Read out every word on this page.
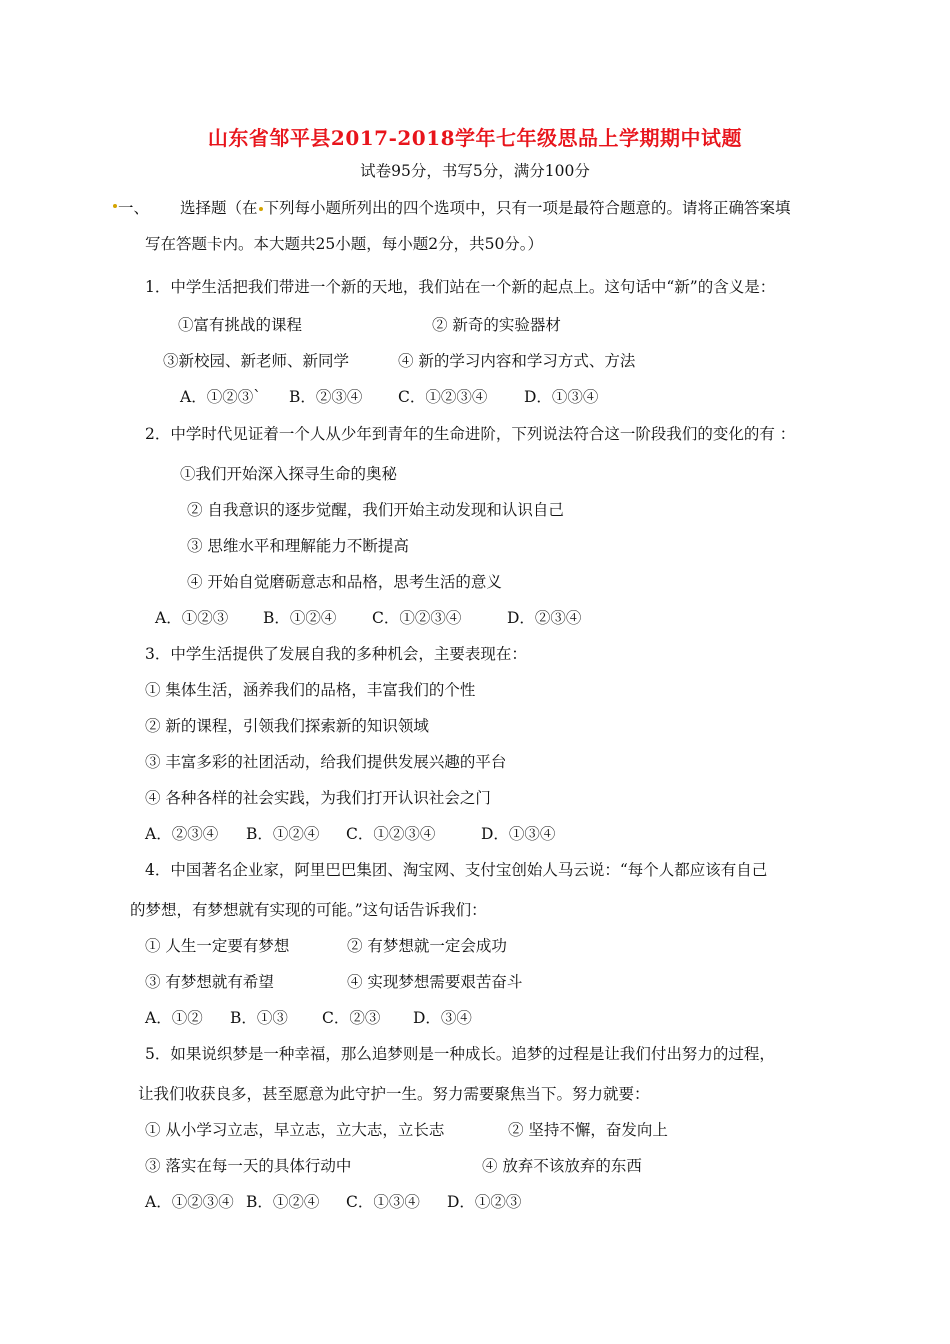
山东省邹平县2017-2018学年七年级思品上学期期中试题
试卷95分，书写5分，满分100分
一、 选择题（在 下列每小题所列出的四个选项中，只有一项是最符合题意的。请将正确答案填
写在答题卡内。本大题共25小题，每小题2分，共50分。）
1．中学生活把我们带进一个新的天地，我们站在一个新的起点上。这句话中“新”的含义是：
①富有挑战的课程	② 新奇的实验器材
③新校园、新老师、新同学	④ 新的学习内容和学习方式、方法
A．①②③` B．②③④ C．①②③④ D．①③④
2．中学时代见证着一个人从少年到青年的生命进阶，下列说法符合这一阶段我们的变化的有 ：
①我们开始深入探寻生命的奥秘
② 自我意识的逐步觉醒，我们开始主动发现和认识自己
③ 思维水平和理解能力不断提高
④ 开始自觉磨砺意志和品格，思考生活的意义
A．①②③ B．①②④ C．①②③④	D．②③④
3．中学生活提供了发展自我的多种机会，主要表现在：
① 集体生活，涵养我们的品格，丰富我们的个性
② 新的课程，引领我们探索新的知识领域
③ 丰富多彩的社团活动，给我们提供发展兴趣的平台
④ 各种各样的社会实践，为我们打开认识社会之门
A．②③④ B．①②④ C．①②③④	D．①③④
4．中国著名企业家，阿里巴巴集团、淘宝网、支付宝创始人马云说：“每个人都应该有自己
的梦想，有梦想就有实现的可能。”这句话告诉我们：
① 人生一定要有梦想	② 有梦想就一定会成功
③ 有梦想就有希望	④ 实现梦想需要艰苦奋斗
A．①② B．①③ C．②③ D．③④
5．如果说织梦是一种幸福，那么追梦则是一种成长。追梦的过程是让我们付出努力的过程，
让我们收获良多，甚至愿意为此守护一生。努力需要聚焦当下。努力就要：
① 从小学习立志，早立志，立大志，立长志	② 坚持不懈，奋发向上
③ 落实在每一天的具体行动中	④ 放弃不该放弃的东西
A．①②③④ B．①②④ C．①③④ D．①②③
